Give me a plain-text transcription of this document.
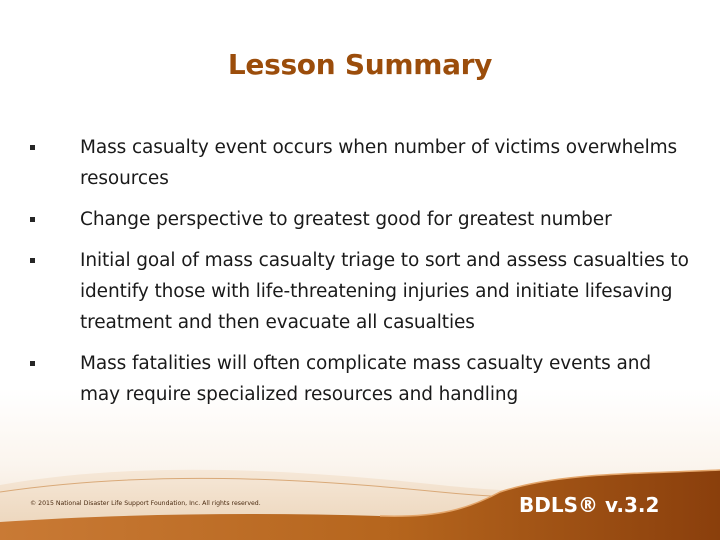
Lesson Summary
Mass casualty event occurs when number of victims overwhelms resources
Change perspective to greatest good for greatest number
Initial goal of mass casualty triage to sort and assess casualties to identify those with life-threatening injuries and initiate lifesaving treatment and then evacuate all casualties
Mass fatalities will often complicate mass casualty events and may require specialized resources and handling
© 2015 National Disaster Life Support Foundation, Inc. All rights reserved.	BDLS® v.3.2
